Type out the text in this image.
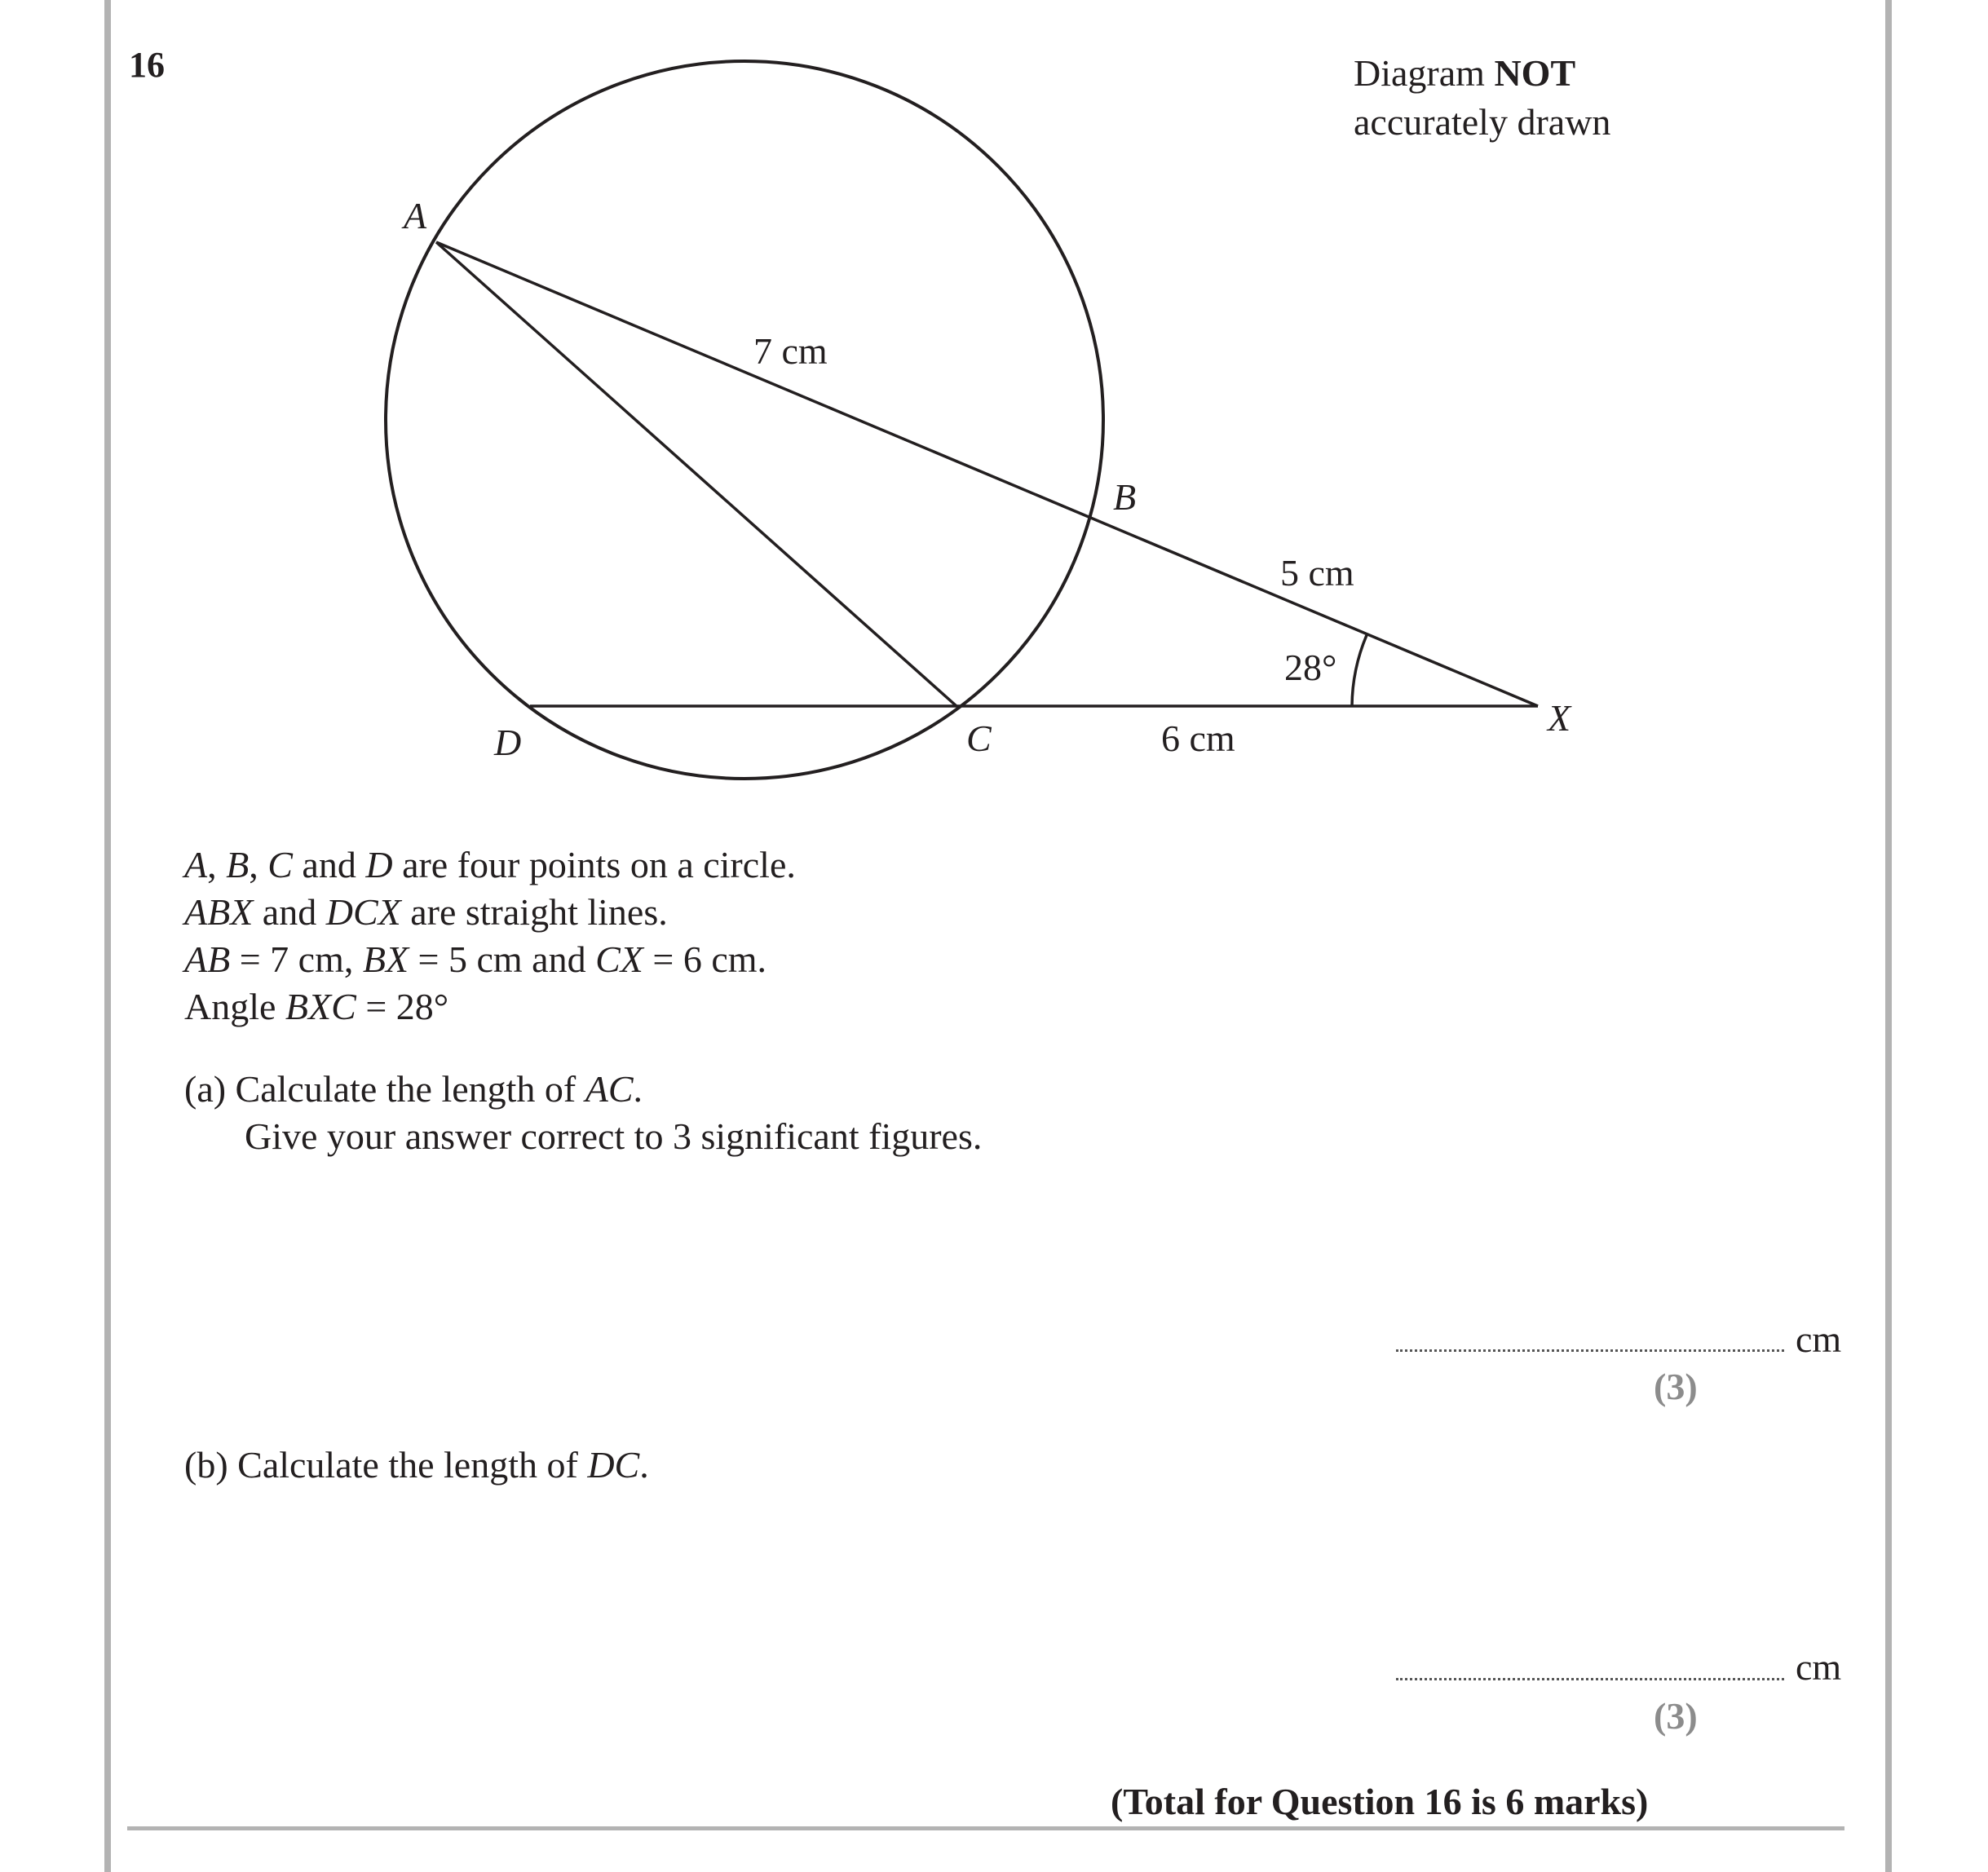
16	Diagram NOT
accurately drawn
A
B
C
D
X
7 cm
5 cm
6 cm
28°
A, B, C and D are four points on a circle.
ABX and DCX are straight lines.
AB = 7 cm, BX = 5 cm and CX = 6 cm.
Angle BXC = 28°
(a) Calculate the length of AC.
Give your answer correct to 3 significant figures.
cm
(3)
(b) Calculate the length of DC.
cm
(3)
(Total for Question 16 is 6 marks)
